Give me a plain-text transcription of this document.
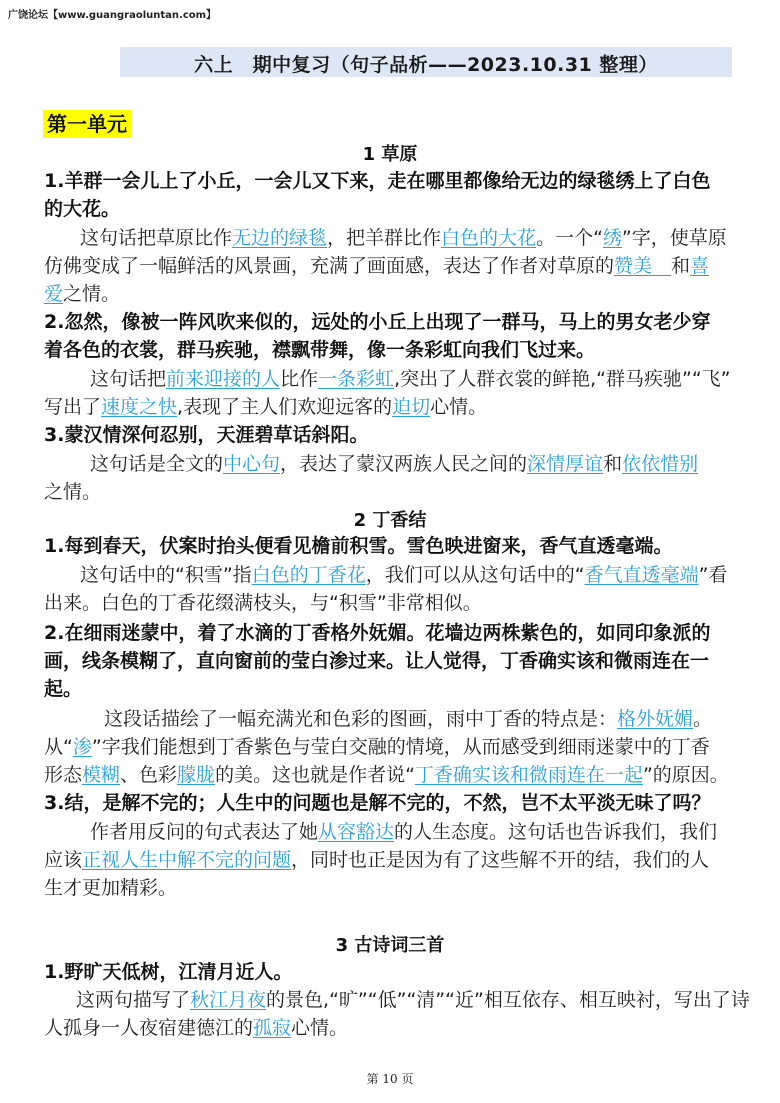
广饶论坛【www.guangraoluntan.com】
六上　期中复习（句子品析——2023.10.31 整理）
第一单元
1 草原
1.羊群一会儿上了小丘，一会儿又下来，走在哪里都像给无边的绿毯绣上了白色
的大花。
这句话把草原比作无边的绿毯，把羊群比作白色的大花。一个“绣”字，使草原
仿佛变成了一幅鲜活的风景画，充满了画面感，表达了作者对草原的赞美　和喜
爱之情。
2.忽然，像被一阵风吹来似的，远处的小丘上出现了一群马，马上的男女老少穿
着各色的衣裳，群马疾驰，襟飘带舞，像一条彩虹向我们飞过来。
这句话把前来迎接的人比作一条彩虹,突出了人群衣裳的鲜艳,“群马疾驰”“飞”
写出了速度之快,表现了主人们欢迎远客的迫切心情。
3.蒙汉情深何忍别，天涯碧草话斜阳。
这句话是全文的中心句，表达了蒙汉两族人民之间的深情厚谊和依依惜别
之情。
2 丁香结
1.每到春天，伏案时抬头便看见檐前积雪。雪色映进窗来，香气直透毫端。
这句话中的“积雪”指白色的丁香花，我们可以从这句话中的“香气直透毫端”看
出来。白色的丁香花缀满枝头，与“积雪”非常相似。
2.在细雨迷蒙中，着了水滴的丁香格外妩媚。花墙边两株紫色的，如同印象派的
画，线条模糊了，直向窗前的莹白渗过来。让人觉得，丁香确实该和微雨连在一
起。
这段话描绘了一幅充满光和色彩的图画，雨中丁香的特点是：格外妩媚。
从“渗”字我们能想到丁香紫色与莹白交融的情境，从而感受到细雨迷蒙中的丁香
形态模糊、色彩朦胧的美。这也就是作者说“丁香确实该和微雨连在一起”的原因。
3.结，是解不完的；人生中的问题也是解不完的，不然，岂不太平淡无味了吗？
作者用反问的句式表达了她从容豁达的人生态度。这句话也告诉我们，我们
应该正视人生中解不完的问题，同时也正是因为有了这些解不开的结，我们的人
生才更加精彩。
3 古诗词三首
1.野旷天低树，江清月近人。
这两句描写了秋江月夜的景色,“旷”“低”“清”“近”相互依存、相互映衬，写出了诗
人孤身一人夜宿建德江的孤寂心情。
第 10 页
